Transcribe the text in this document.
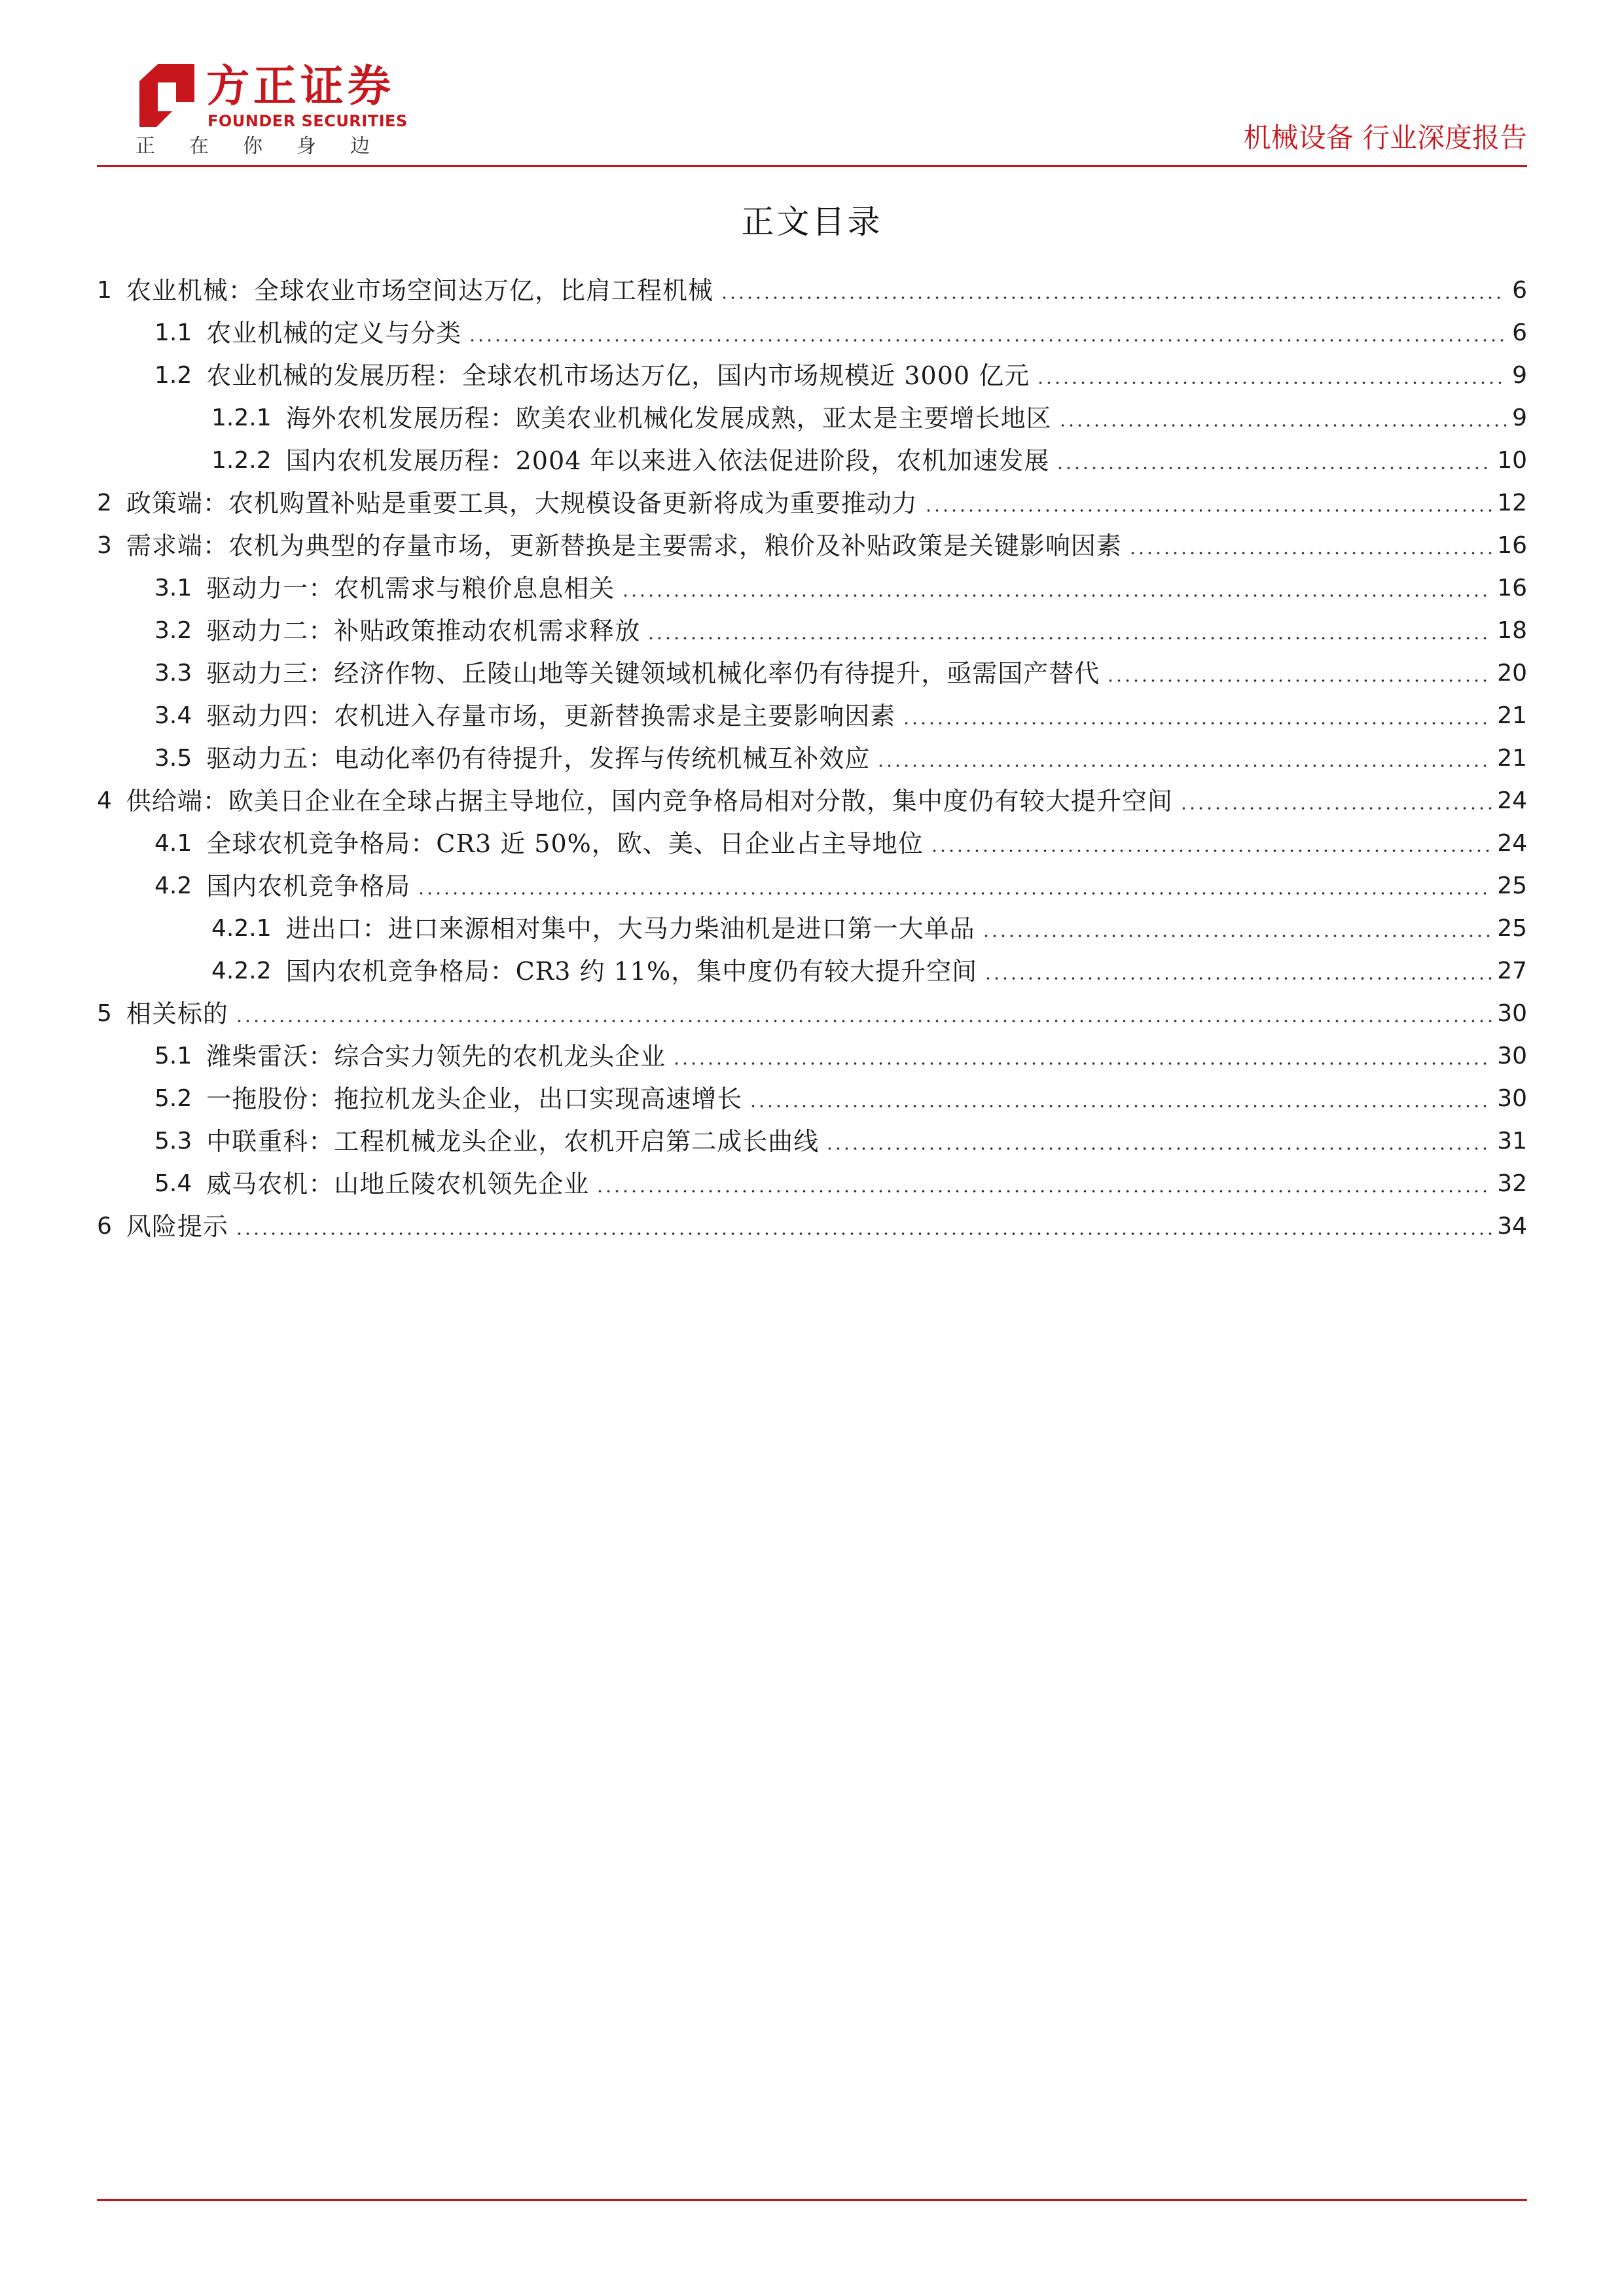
方正证券
FOUNDER SECURITIES
正在你身边	机械设备 行业深度报告
正文目录
1 农业机械：全球农业市场空间达万亿，比肩工程机械	6
1.1 农业机械的定义与分类	6
1.2 农业机械的发展历程：全球农机市场达万亿，国内市场规模近 3000 亿元	9
1.2.1 海外农机发展历程：欧美农业机械化发展成熟，亚太是主要增长地区	9
1.2.2 国内农机发展历程：2004 年以来进入依法促进阶段，农机加速发展	10
2 政策端：农机购置补贴是重要工具，大规模设备更新将成为重要推动力	12
3 需求端：农机为典型的存量市场，更新替换是主要需求，粮价及补贴政策是关键影响因素	16
3.1 驱动力一：农机需求与粮价息息相关	16
3.2 驱动力二：补贴政策推动农机需求释放	18
3.3 驱动力三：经济作物、丘陵山地等关键领域机械化率仍有待提升，亟需国产替代	20
3.4 驱动力四：农机进入存量市场，更新替换需求是主要影响因素	21
3.5 驱动力五：电动化率仍有待提升，发挥与传统机械互补效应	21
4 供给端：欧美日企业在全球占据主导地位，国内竞争格局相对分散，集中度仍有较大提升空间	24
4.1 全球农机竞争格局：CR3 近 50%，欧、美、日企业占主导地位	24
4.2 国内农机竞争格局	25
4.2.1 进出口：进口来源相对集中，大马力柴油机是进口第一大单品	25
4.2.2 国内农机竞争格局：CR3 约 11%，集中度仍有较大提升空间	27
5 相关标的	30
5.1 潍柴雷沃：综合实力领先的农机龙头企业	30
5.2 一拖股份：拖拉机龙头企业，出口实现高速增长	30
5.3 中联重科：工程机械龙头企业，农机开启第二成长曲线	31
5.4 威马农机：山地丘陵农机领先企业	32
6 风险提示	34
